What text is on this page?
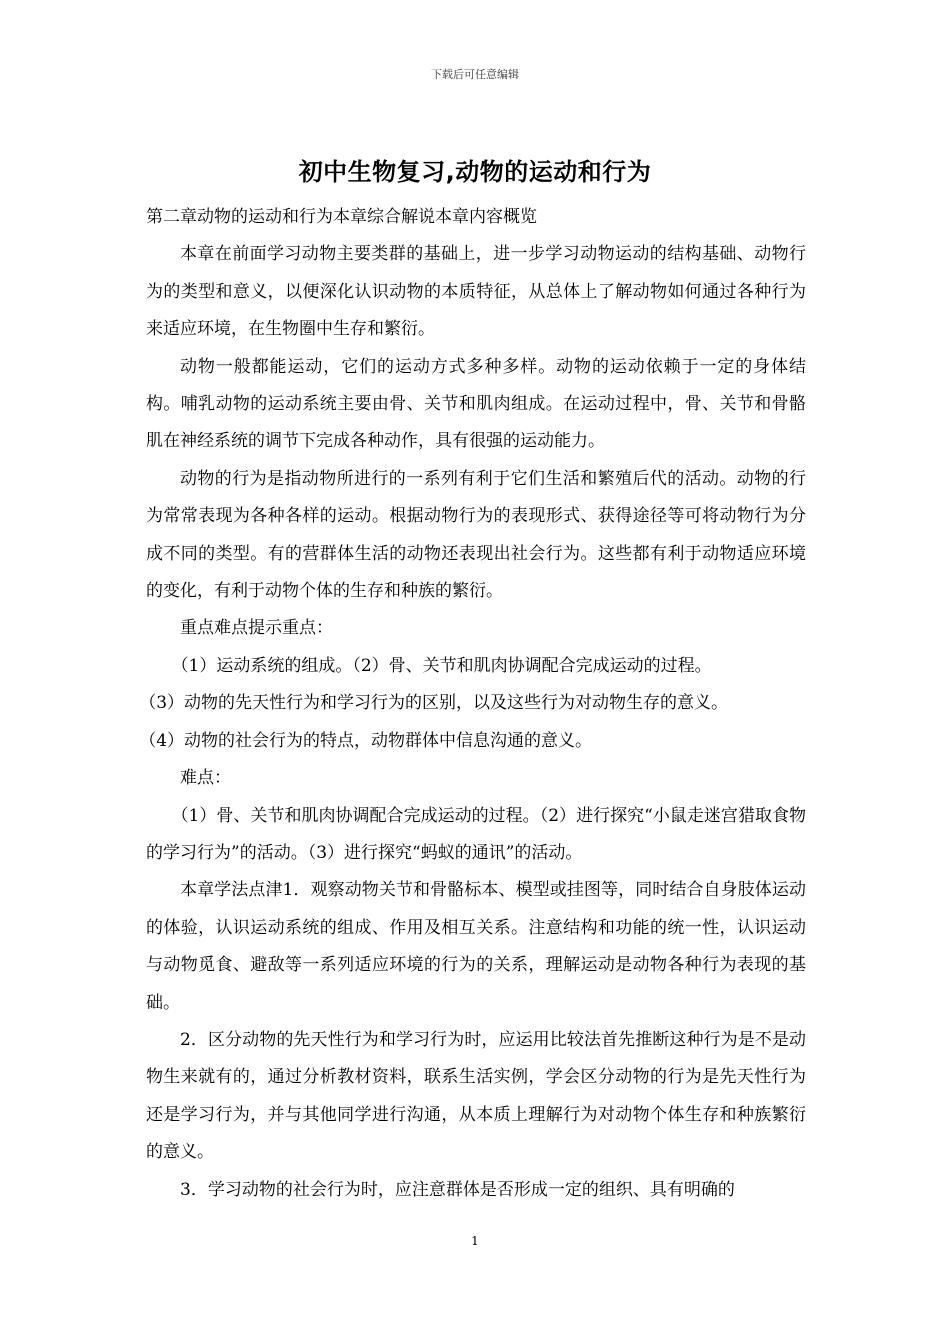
下载后可任意编辑
初中生物复习,动物的运动和行为

第二章动物的运动和行为本章综合解说本章内容概览

本章在前面学习动物主要类群的基础上，进一步学习动物运动的结构基础、动物行为的类型和意义，以便深化认识动物的本质特征，从总体上了解动物如何通过各种行为来适应环境，在生物圈中生存和繁衍。

动物一般都能运动，它们的运动方式多种多样。动物的运动依赖于一定的身体结构。哺乳动物的运动系统主要由骨、关节和肌肉组成。在运动过程中，骨、关节和骨骼肌在神经系统的调节下完成各种动作，具有很强的运动能力。

动物的行为是指动物所进行的一系列有利于它们生活和繁殖后代的活动。动物的行为常常表现为各种各样的运动。根据动物行为的表现形式、获得途径等可将动物行为分成不同的类型。有的营群体生活的动物还表现出社会行为。这些都有利于动物适应环境的变化，有利于动物个体的生存和种族的繁衍。

重点难点提示重点：

（1）运动系统的组成。（2）骨、关节和肌肉协调配合完成运动的过程。

（3）动物的先天性行为和学习行为的区别，以及这些行为对动物生存的意义。

（4）动物的社会行为的特点，动物群体中信息沟通的意义。

难点：

（1）骨、关节和肌肉协调配合完成运动的过程。（2）进行探究“小鼠走迷宫猎取食物的学习行为”的活动。（3）进行探究“蚂蚁的通讯”的活动。

本章学法点津1．观察动物关节和骨骼标本、模型或挂图等，同时结合自身肢体运动的体验，认识运动系统的组成、作用及相互关系。注意结构和功能的统一性，认识运动与动物觅食、避敌等一系列适应环境的行为的关系，理解运动是动物各种行为表现的基础。

2．区分动物的先天性行为和学习行为时，应运用比较法首先推断这种行为是不是动物生来就有的，通过分析教材资料，联系生活实例，学会区分动物的行为是先天性行为还是学习行为，并与其他同学进行沟通，从本质上理解行为对动物个体生存和种族繁衍的意义。

3．学习动物的社会行为时，应注意群体是否形成一定的组织、具有明确的

1
